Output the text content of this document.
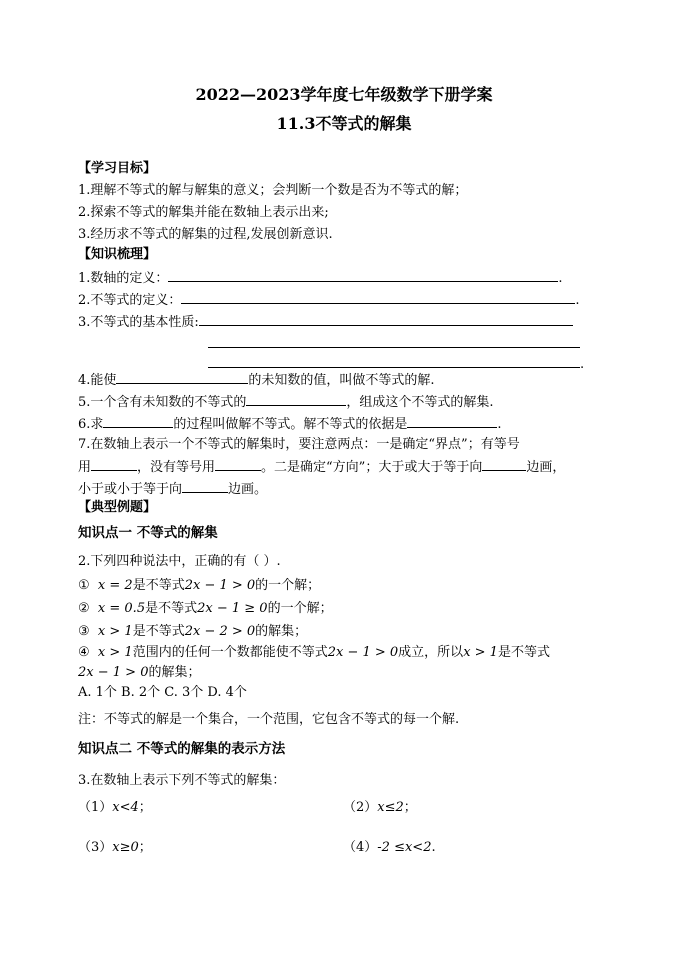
2022—2023学年度七年级数学下册学案
11.3不等式的解集
【学习目标】
1.理解不等式的解与解集的意义；会判断一个数是否为不等式的解；
2.探索不等式的解集并能在数轴上表示出来;
3.经历求不等式的解集的过程,发展创新意识.
【知识梳理】
1.数轴的定义：	.
2.不等式的定义：	.
3.不等式的基本性质:
.
4.能使	的未知数的值，叫做不等式的解.
5.一个含有未知数的不等式的	，组成这个不等式的解集.
6.求	的过程叫做解不等式。解不等式的依据是	.
7.在数轴上表示一个不等式的解集时，要注意两点：一是确定“界点”；有等号
用	，没有等号用	。二是确定“方向”；大于或大于等于向	边画，
小于或小于等于向	边画。
【典型例题】
知识点一 不等式的解集
2.下列四种说法中，正确的有（ ）.
① x = 2是不等式2x − 1 > 0的一个解；
② x = 0.5是不等式2x − 1 ≥ 0的一个解；
③ x > 1是不等式2x − 2 > 0的解集；
④ x > 1范围内的任何一个数都能使不等式2x − 1 > 0成立，所以x > 1是不等式
2x − 1 > 0的解集；
A. 1个 B. 2个 C. 3个 D. 4个
注：不等式的解是一个集合，一个范围，它包含不等式的每一个解.
知识点二 不等式的解集的表示方法
3.在数轴上表示下列不等式的解集：
（1）x<4；	（2）x≤2；
（3）x≥0；	（4）-2 ≤x<2.
